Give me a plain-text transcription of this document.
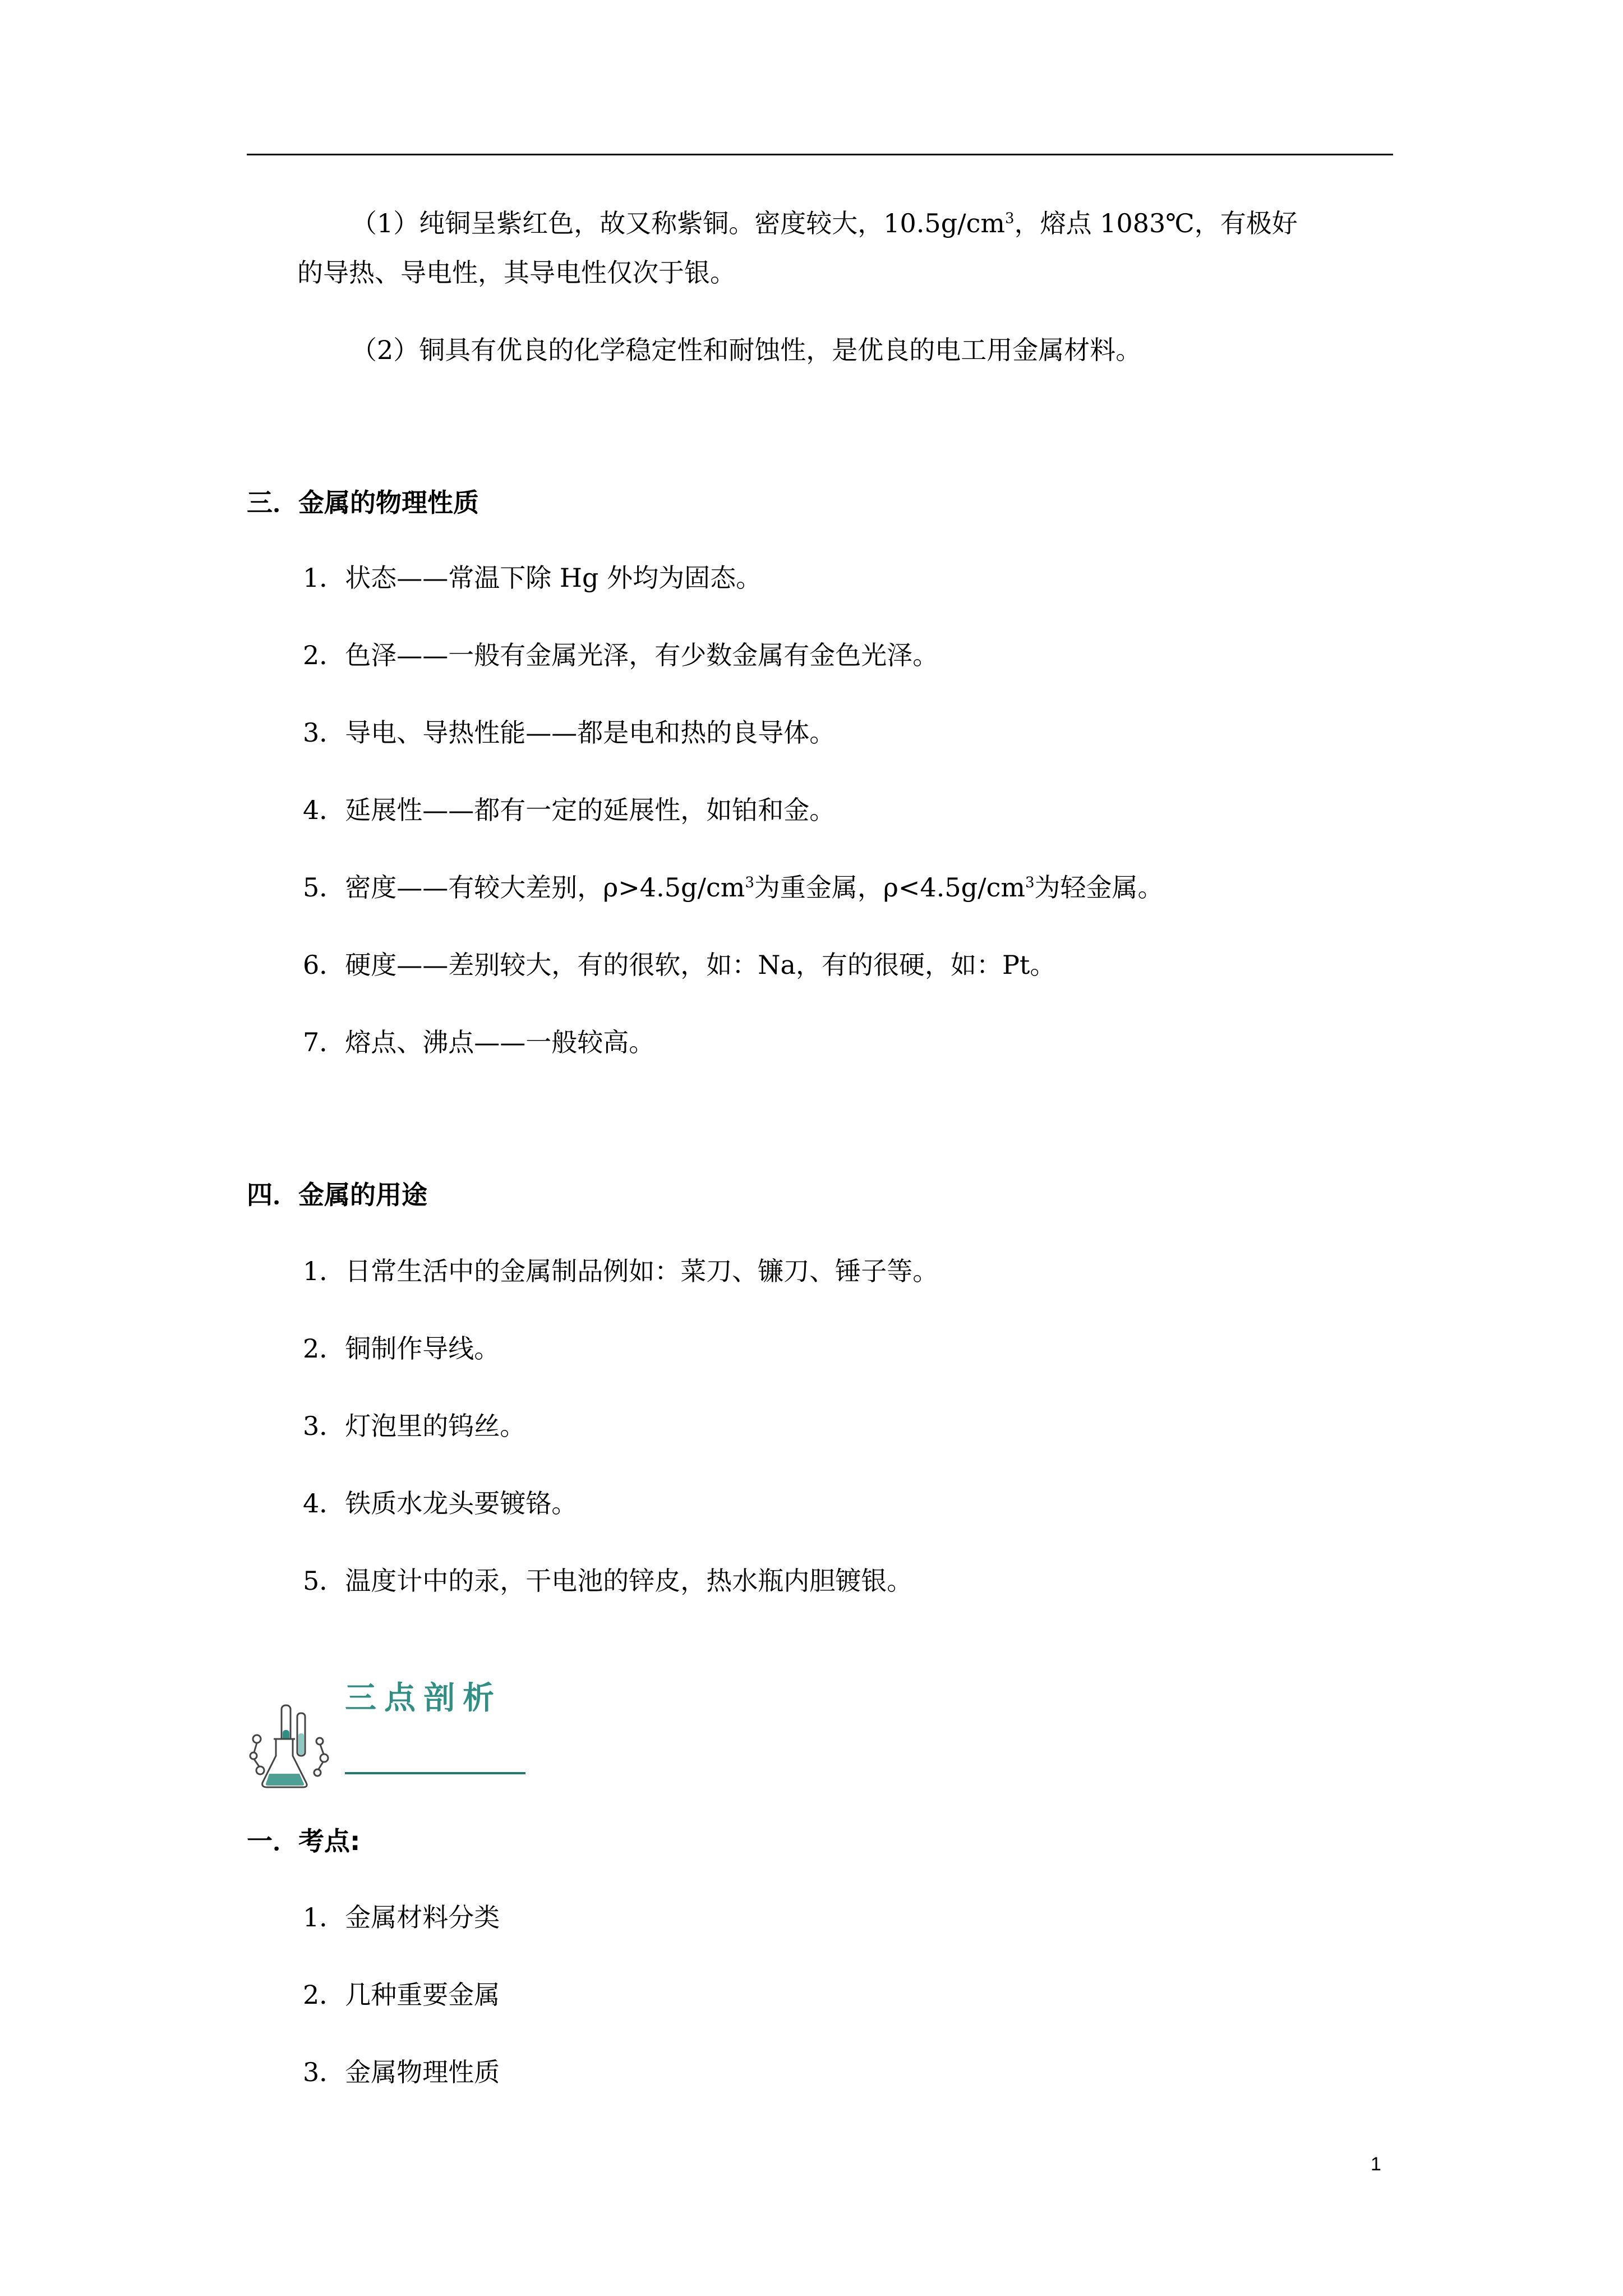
（1）纯铜呈紫红色，故又称紫铜。密度较大，$10.5g/cm^3$，熔点 1083℃，有极好
的导热、导电性，其导电性仅次于银。
（2）铜具有优良的化学稳定性和耐蚀性，是优良的电工用金属材料。
三．金属的物理性质
1．状态——常温下除 Hg 外均为固态。
2．色泽——一般有金属光泽，有少数金属有金色光泽。
3．导电、导热性能——都是电和热的良导体。
4．延展性——都有一定的延展性，如铂和金。
5．密度——有较大差别，$\rho>4.5g/cm^3$为重金属，$\rho<4.5g/cm^3$为轻金属。
6．硬度——差别较大，有的很软，如：Na，有的很硬，如：Pt。
7．熔点、沸点——一般较高。
四．金属的用途
1．日常生活中的金属制品例如：菜刀、镰刀、锤子等。
2．铜制作导线。
3．灯泡里的钨丝。
4．铁质水龙头要镀铬。
5．温度计中的汞，干电池的锌皮，热水瓶内胆镀银。
三点剖析
一．考点:
1．金属材料分类
2．几种重要金属
3．金属物理性质
1
